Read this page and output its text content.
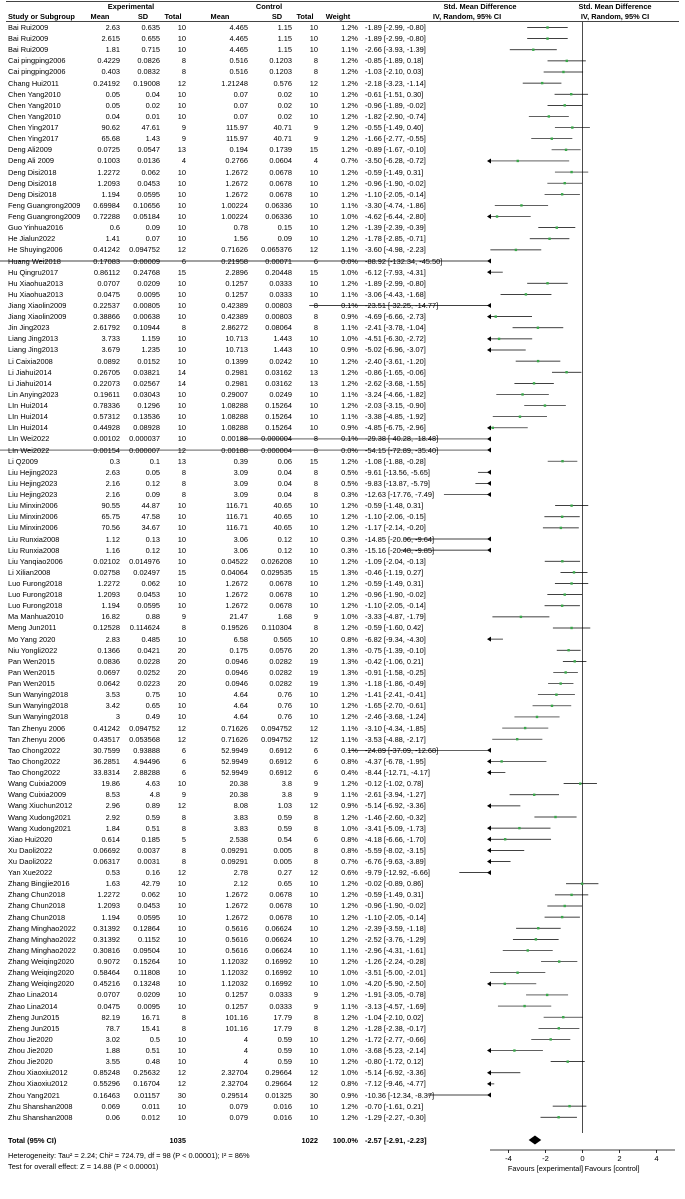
Experimental	Control	Std. Mean Difference	Std. Mean Difference
Study or Subgroup	Mean	SD	Total	Mean	SD	Total	Weight	IV, Random, 95% CI	IV, Random, 95% CI
Bai Rui2009	2.63	0.635	10	4.465	1.15	10	1.2% -1.89 [-2.99, -0.80]
Bai Rui2009	2.615	0.655	10	4.465	1.15	10	1.2% -1.89 [-2.99, -0.80]
Bai Rui2009	1.81	0.715	10	4.465	1.15	10	1.1% -2.66 [-3.93, -1.39]
Cai pingping2006	0.4229	0.0826	8	0.516	0.1203	8	1.2% -0.85 [-1.89, 0.18]
Cai pingping2006	0.403	0.0832	8	0.516	0.1203	8	1.2% -1.03 [-2.10, 0.03]
Chang Hui2011	0.24192	0.19008	12	1.21248	0.576	12	1.2% -2.18 [-3.23, -1.14]
Chen Yang2010	0.05	0.04	10	0.07	0.02	10	1.2% -0.61 [-1.51, 0.30]
Chen Yang2010	0.05	0.02	10	0.07	0.02	10	1.2% -0.96 [-1.89, -0.02]
Chen Yang2010	0.04	0.01	10	0.07	0.02	10	1.2% -1.82 [-2.90, -0.74]
Chen Ying2017	90.62	47.61	9	115.97	40.71	9	1.2% -0.55 [-1.49, 0.40]
Chen Ying2017	65.68	1.43	9	115.97	40.71	9	1.2% -1.66 [-2.77, -0.55]
Deng Ali2009	0.0725	0.0547	13	0.194	0.1739	15	1.2% -0.89 [-1.67, -0.10]
Deng Ali 2009	0.1003	0.0136	4	0.2766	0.0604	4	0.7% -3.50 [-6.28, -0.72]
Deng Disi2018	1.2272	0.062	10	1.2672	0.0678	10	1.2% -0.59 [-1.49, 0.31]
Deng Disi2018	1.2093	0.0453	10	1.2672	0.0678	10	1.2% -0.96 [-1.90, -0.02]
Deng Disi2018	1.194	0.0595	10	1.2672	0.0678	10	1.2% -1.10 [-2.05, -0.14]
Feng Guangrong2009	0.69984	0.10656	10	1.00224	0.06336	10	1.1% -3.30 [-4.74, -1.86]
Feng Guangrong2009	0.72288	0.05184	10	1.00224	0.06336	10	1.0% -4.62 [-6.44, -2.80]
Guo Yinhua2016	0.6	0.09	10	0.78	0.15	10	1.2% -1.39 [-2.39, -0.39]
He Jialun2022	1.41	0.07	10	1.56	0.09	10	1.2% -1.78 [-2.85, -0.71]
He Shuying2006	0.41242	0.094752	12	0.71626	0.065376	12	1.1% -3.60 [-4.98, -2.23]
Huang Wei2018	0.17083	0.00009	6	0.21958	0.00071	6	0.0% -88.92 [-132.34, -45.50]
Hu Qingru2017	0.86112	0.24768	15	2.2896	0.20448	15	1.0% -6.12 [-7.93, -4.31]
Hu Xiaohua2013	0.0707	0.0209	10	0.1257	0.0333	10	1.2% -1.89 [-2.99, -0.80]
Hu Xiaohua2013	0.0475	0.0095	10	0.1257	0.0333	10	1.1% -3.06 [-4.43, -1.68]
Jiang Xiaolin2009	0.22537	0.00805	10	0.42389	0.00803	8	0.1% -23.51 [-32.25, -14.77]
Jiang Xiaolin2009	0.38866	0.00638	10	0.42389	0.00803	8	0.9% -4.69 [-6.66, -2.73]
Jin Jing2023	2.61792	0.10944	8	2.86272	0.08064	8	1.1% -2.41 [-3.78, -1.04]
Liang Jing2013	3.733	1.159	10	10.713	1.443	10	1.0% -4.51 [-6.30, -2.72]
Liang Jing2013	3.679	1.235	10	10.713	1.443	10	0.9% -5.02 [-6.96, -3.07]
Li Caixia2008	0.0892	0.0152	10	0.1399	0.0242	10	1.2% -2.40 [-3.61, -1.20]
Li Jiahui2014	0.26705	0.03821	14	0.2981	0.03162	13	1.2% -0.86 [-1.65, -0.06]
Li Jiahui2014	0.22073	0.02567	14	0.2981	0.03162	13	1.2% -2.62 [-3.68, -1.55]
Lin Anying2023	0.19611	0.03043	10	0.29007	0.0249	10	1.1% -3.24 [-4.66, -1.82]
LIn Hui2014	0.78336	0.1296	10	1.08288	0.15264	10	1.2% -2.03 [-3.15, -0.90]
LIn Hui2014	0.57312	0.13536	10	1.08288	0.15264	10	1.1% -3.38 [-4.85, -1.92]
LIn Hui2014	0.44928	0.08928	10	1.08288	0.15264	10	0.9% -4.85 [-6.75, -2.96]
LIn Wei2022	0.00102	0.000037	10	0.00188	0.000004	8	0.1% -29.38 [-40.28, -18.48]
LIn Wei2022	0.00154	0.000007	12	0.00188	0.000004	8	0.0% -54.15 [-72.89, -35.40]
Li Q2009	0.3	0.1	13	0.39	0.06	15	1.2% -1.08 [-1.88, -0.28]
Liu Hejing2023	2.63	0.05	8	3.09	0.04	8	0.5% -9.61 [-13.56, -5.65]
Liu Hejing2023	2.16	0.12	8	3.09	0.04	8	0.5% -9.83 [-13.87, -5.79]
Liu Hejing2023	2.16	0.09	8	3.09	0.04	8	0.3% -12.63 [-17.76, -7.49]
Liu Minxin2006	90.55	44.87	10	116.71	40.65	10	1.2% -0.59 [-1.48, 0.31]
Liu Minxin2006	65.75	47.58	10	116.71	40.65	10	1.2% -1.10 [-2.06, -0.15]
Liu Minxin2006	70.56	34.67	10	116.71	40.65	10	1.2% -1.17 [-2.14, -0.20]
Liu Runxia2008	1.12	0.13	10	3.06	0.12	10	0.3% -14.85 [-20.06, -9.64]
Liu Runxia2008	1.16	0.12	10	3.06	0.12	10	0.3% -15.16 [-20.48, -9.85]
Liu Yanqiao2006	0.02102	0.014976	10	0.04522	0.026208	10	1.2% -1.09 [-2.04, -0.13]
Li Xilian2008	0.02758	0.02497	15	0.04064	0.029535	15	1.3% -0.46 [-1.19, 0.27]
Luo Furong2018	1.2272	0.062	10	1.2672	0.0678	10	1.2% -0.59 [-1.49, 0.31]
Luo Furong2018	1.2093	0.0453	10	1.2672	0.0678	10	1.2% -0.96 [-1.90, -0.02]
Luo Furong2018	1.194	0.0595	10	1.2672	0.0678	10	1.2% -1.10 [-2.05, -0.14]
Ma Manhua2010	16.82	0.88	9	21.47	1.68	9	1.0% -3.33 [-4.87, -1.79]
Meng Jun2011	0.12528	0.114624	8	0.19526	0.110304	8	1.2% -0.59 [-1.60, 0.42]
Mo Yang 2020	2.83	0.485	10	6.58	0.565	10	0.8% -6.82 [-9.34, -4.30]
Niu Yongli2022	0.1366	0.0421	20	0.175	0.0576	20	1.3% -0.75 [-1.39, -0.10]
Pan Wen2015	0.0836	0.0228	20	0.0946	0.0282	19	1.3% -0.42 [-1.06, 0.21]
Pan Wen2015	0.0697	0.0252	20	0.0946	0.0282	19	1.3% -0.91 [-1.58, -0.25]
Pan Wen2015	0.0642	0.0223	20	0.0946	0.0282	19	1.3% -1.18 [-1.86, -0.49]
Sun Wanying2018	3.53	0.75	10	4.64	0.76	10	1.2% -1.41 [-2.41, -0.41]
Sun Wanying2018	3.42	0.65	10	4.64	0.76	10	1.2% -1.65 [-2.70, -0.61]
Sun Wanying2018	3	0.49	10	4.64	0.76	10	1.2% -2.46 [-3.68, -1.24]
Tan Zhenyu 2006	0.41242	0.094752	12	0.71626	0.094752	12	1.1% -3.10 [-4.34, -1.85]
Tan Zhenyu 2006	0.43517	0.053568	12	0.71626	0.094752	12	1.1% -3.53 [-4.88, -2.17]
Tao Chong2022	30.7599	0.93888	6	52.9949	0.6912	6	0.1% -24.89 [-37.09, -12.68]
Tao Chong2022	36.2851	4.94496	6	52.9949	0.6912	6	0.8% -4.37 [-6.78, -1.95]
Tao Chong2022	33.8314	2.88288	6	52.9949	0.6912	6	0.4% -8.44 [-12.71, -4.17]
Wang Cuixia2009	19.86	4.63	10	20.38	3.8	9	1.2% -0.12 [-1.02, 0.78]
Wang Cuixia2009	8.53	4.8	9	20.38	3.8	9	1.1% -2.61 [-3.94, -1.27]
Wang Xiuchun2012	2.96	0.89	12	8.08	1.03	12	0.9% -5.14 [-6.92, -3.36]
Wang Xudong2021	2.92	0.59	8	3.83	0.59	8	1.2% -1.46 [-2.60, -0.32]
Wang Xudong2021	1.84	0.51	8	3.83	0.59	8	1.0% -3.41 [-5.09, -1.73]
Xiao Hui2020	0.614	0.185	5	2.538	0.54	6	0.8% -4.18 [-6.66, -1.70]
Xu Daoli2022	0.06692	0.0037	8	0.09291	0.005	8	0.8% -5.59 [-8.02, -3.15]
Xu Daoli2022	0.06317	0.0031	8	0.09291	0.005	8	0.7% -6.76 [-9.63, -3.89]
Yan Xue2022	0.53	0.16	12	2.78	0.27	12	0.6% -9.79 [-12.92, -6.66]
Zhang Bingjie2016	1.63	42.79	10	2.12	0.65	10	1.2% -0.02 [-0.89, 0.86]
Zhang Chun2018	1.2272	0.062	10	1.2672	0.0678	10	1.2% -0.59 [-1.49, 0.31]
Zhang Chun2018	1.2093	0.0453	10	1.2672	0.0678	10	1.2% -0.96 [-1.90, -0.02]
Zhang Chun2018	1.194	0.0595	10	1.2672	0.0678	10	1.2% -1.10 [-2.05, -0.14]
Zhang Minghao2022	0.31392	0.12864	10	0.5616	0.06624	10	1.2% -2.39 [-3.59, -1.18]
Zhang Minghao2022	0.31392	0.1152	10	0.5616	0.06624	10	1.2% -2.52 [-3.76, -1.29]
Zhang Minghao2022	0.30816	0.09504	10	0.5616	0.06624	10	1.1% -2.96 [-4.31, -1.61]
Zhang Weiqing2020	0.9072	0.15264	10	1.12032	0.16992	10	1.2% -1.26 [-2.24, -0.28]
Zhang Weiqing2020	0.58464	0.11808	10	1.12032	0.16992	10	1.0% -3.51 [-5.00, -2.01]
Zhang Weiqing2020	0.45216	0.13248	10	1.12032	0.16992	10	1.0% -4.20 [-5.90, -2.50]
Zhao Lina2014	0.0707	0.0209	10	0.1257	0.0333	9	1.2% -1.91 [-3.05, -0.78]
Zhao Lina2014	0.0475	0.0095	10	0.1257	0.0333	9	1.1% -3.13 [-4.57, -1.69]
Zheng Jun2015	82.19	16.71	8	101.16	17.79	8	1.2% -1.04 [-2.10, 0.02]
Zheng Jun2015	78.7	15.41	8	101.16	17.79	8	1.2% -1.28 [-2.38, -0.17]
Zhou Jie2020	3.02	0.5	10	4	0.59	10	1.2% -1.72 [-2.77, -0.66]
Zhou Jie2020	1.88	0.51	10	4	0.59	10	1.0% -3.68 [-5.23, -2.14]
Zhou Jie2020	3.55	0.48	10	4	0.59	10	1.2% -0.80 [-1.72, 0.12]
Zhou Xiaoxiu2012	0.85248	0.25632	12	2.32704	0.29664	12	1.0% -5.14 [-6.92, -3.36]
Zhou Xiaoxiu2012	0.55296	0.16704	12	2.32704	0.29664	12	0.8% -7.12 [-9.46, -4.77]
Zhou Yang2021	0.16463	0.01157	30	0.29514	0.01325	30	0.9% -10.36 [-12.34, -8.37]
Zhu Shanshan2008	0.069	0.011	10	0.079	0.016	10	1.2% -0.70 [-1.61, 0.21]
Zhu Shanshan2008	0.06	0.012	10	0.079	0.016	10	1.2% -1.29 [-2.27, -0.30]
Total (95% CI)	1035	1022	100.0% -2.57 [-2.91, -2.23]
Heterogeneity: Tau² = 2.24; Chi² = 724.79, df = 98 (P < 0.00001); I² = 86%
Test for overall effect: Z = 14.88 (P < 0.00001)
-4	-2	0	2	4
Favours [experimental] Favours [control]
